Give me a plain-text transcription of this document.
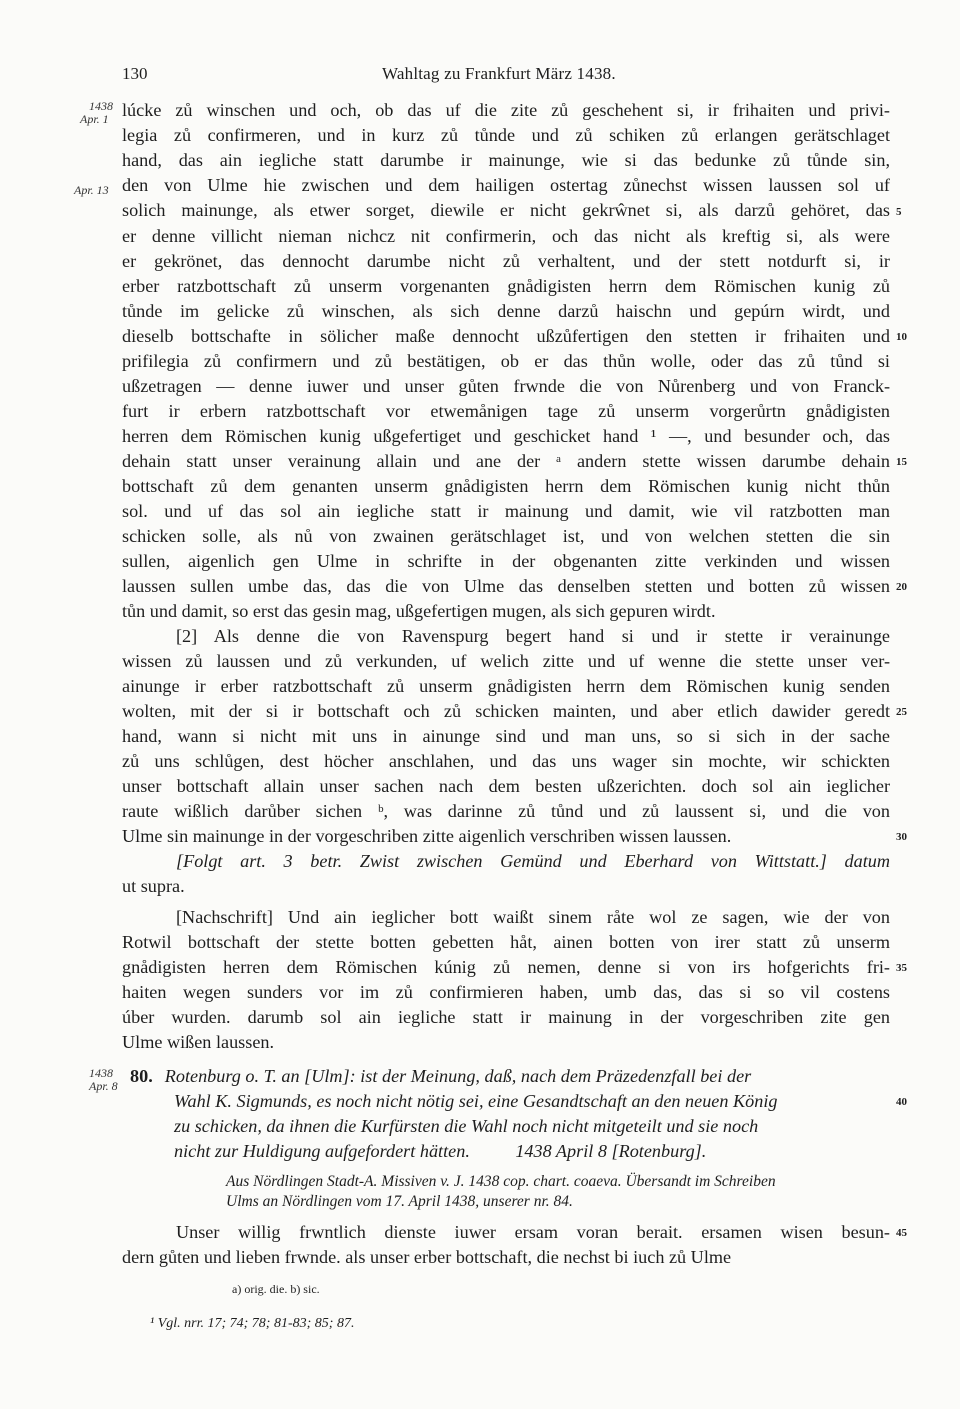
130	Wahltag zu Frankfurt März 1438.
1438
Apr. 1
Apr. 13
1438
Apr. 8
lúcke zů winschen und och, ob das uf die zite zů geschehent si, ir frihaiten und privi-
legia zů confirmeren, und in kurz zů tůnde und zů schiken zů erlangen gerätschlaget
hand, das ain iegliche statt darumbe ir mainunge, wie si das bedunke zů tůnde sin,
den von Ulme hie zwischen und dem hailigen ostertag zůnechst wissen laussen sol uf
solich mainunge, als etwer sorget, diewile er nicht gekrŵnet si, als darzů gehöret, das
er denne villicht nieman nichcz nit confirmerin, och das nicht als kreftig si, als were
er gekrönet, das dennocht darumbe nicht zů verhaltent, und der stett notdurft si, ir
erber ratzbottschaft zů unserm vorgenanten gnådigisten herrn dem Römischen kunig zů
tůnde im gelicke zů winschen, als sich denne darzů haischn und gepúrn wirdt, und
dieselb bottschafte in sölicher maße dennocht ußzůfertigen den stetten ir frihaiten und
prifilegia zů confirmern und zů bestätigen, ob er das thůn wolle, oder das zů tůnd si
ußzetragen — denne iuwer und unser gůten frwnde die von Nůrenberg und von Franck-
furt ir erbern ratzbottschaft vor etwemånigen tage zů unserm vorgerůrtn gnådigisten
herren dem Römischen kunig ußgefertiget und geschicket hand ¹ —, und besunder och, das
dehain statt unser verainung allain und ane der ᵃ andern stette wissen darumbe dehain
bottschaft zů dem genanten unserm gnådigisten herrn dem Römischen kunig nicht thůn
sol. und uf das sol ain iegliche statt ir mainung und damit, wie vil ratzbotten man
schicken solle, als nů von zwainen gerätschlaget ist, und von welchen stetten die sin
sullen, aigenlich gen Ulme in schrifte in der obgenanten zitte verkinden und wissen
laussen sullen umbe das, das die von Ulme das denselben stetten und botten zů wissen
tůn und damit, so erst das gesin mag, ußgefertigen mugen, als sich gepuren wirdt.
[2] Als denne die von Ravenspurg begert hand si und ir stette ir verainunge
wissen zů laussen und zů verkunden, uf welich zitte und uf wenne die stette unser ver-
ainunge ir erber ratzbottschaft zů unserm gnådigisten herrn dem Römischen kunig senden
wolten, mit der si ir bottschaft och zů schicken mainten, und aber etlich dawider geredt
hand, wann si nicht mit uns in ainunge sind und man uns, so si sich in der sache
zů uns schlůgen, dest höcher anschlahen, und das uns wager sin mochte, wir schickten
unser bottschaft allain unser sachen nach dem besten ußzerichten. doch sol ain ieglicher
raute wißlich darůber sichen ᵇ, was darinne zů tůnd und zů laussent si, und die von
Ulme sin mainunge in der vorgeschriben zitte aigenlich verschriben wissen laussen.
[Folgt art. 3 betr. Zwist zwischen Gemünd und Eberhard von Wittstatt.] datum
ut supra.
[Nachschrift] Und ain ieglicher bott waißt sinem råte wol ze sagen, wie der von
Rotwil bottschaft der stette botten gebetten håt, ainen botten von irer statt zů unserm
gnådigisten herren dem Römischen kúnig zů nemen, denne si von irs hofgerichts fri-
haiten wegen sunders vor im zů confirmieren haben, umb das, das si so vil costens
úber wurden. darumb sol ain iegliche statt ir mainung in der vorgeschriben zite gen
Ulme wißen laussen.
80. Rotenburg o. T. an [Ulm]: ist der Meinung, daß, nach dem Präzedenzfall bei der
Wahl K. Sigmunds, es noch nicht nötig sei, eine Gesandtschaft an den neuen König
zu schicken, da ihnen die Kurfürsten die Wahl noch nicht mitgeteilt und sie noch
nicht zur Huldigung aufgefordert hätten.          1438 April 8 [Rotenburg].
Aus Nördlingen Stadt-A. Missiven v. J. 1438 cop. chart. coaeva. Übersandt im Schreiben
Ulms an Nördlingen vom 17. April 1438, unserer nr. 84.
Unser willig frwntlich dienste iuwer ersam voran berait. ersamen wisen besun-
dern gůten und lieben frwnde. als unser erber bottschaft, die nechst bi iuch zů Ulme
5
10
15
20
25
30
35
40
45
a) orig. die. b) sic.
¹ Vgl. nrr. 17; 74; 78; 81-83; 85; 87.
